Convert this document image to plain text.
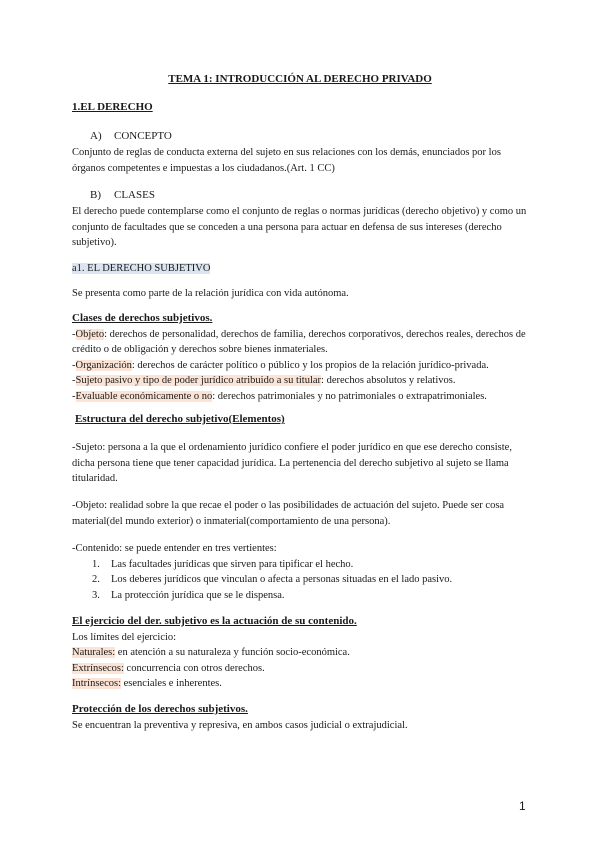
TEMA 1: INTRODUCCIÓN AL DERECHO PRIVADO
1.EL DERECHO
A) CONCEPTO

Conjunto de reglas de conducta externa del sujeto en sus relaciones con los demás, enunciados por los órganos competentes e impuestas a los ciudadanos.(Art. 1 CC)

B) CLASES

El derecho puede contemplarse como el conjunto de reglas o normas jurídicas (derecho objetivo) y como un conjunto de facultades que se conceden a una persona para actuar en defensa de sus intereses (derecho subjetivo).

a1. EL DERECHO SUBJETIVO

Se presenta como parte de la relación jurídica con vida autónoma.

Clases de derechos subjetivos.

-Objeto: derechos de personalidad, derechos de familia, derechos corporativos, derechos reales, derechos de crédito o de obligación y derechos sobre bienes inmateriales.

-Organización: derechos de carácter político o público y los propios de la relación jurídico-privada.

-Sujeto pasivo y tipo de poder jurídico atribuido a su titular: derechos absolutos y relativos.

-Evaluable económicamente o no: derechos patrimoniales y no patrimoniales o extrapatrimoniales.

Estructura del derecho subjetivo(Elementos)

-Sujeto: persona a la que el ordenamiento jurídico confiere el poder jurídico en que ese derecho consiste, dicha persona tiene que tener capacidad jurídica. La pertenencia del derecho subjetivo al sujeto se llama titularidad.

-Objeto: realidad sobre la que recae el poder o las posibilidades de actuación del sujeto. Puede ser cosa material(del mundo exterior) o inmaterial(comportamiento de una persona).

-Contenido: se puede entender en tres vertientes:

1.	Las facultades jurídicas que sirven para tipificar el hecho.
2.	Los deberes jurídicos que vinculan o afecta a personas situadas en el lado pasivo.
3.	La protección jurídica que se le dispensa.

El ejercicio del der. subjetivo es la actuación de su contenido.

Los límites del ejercicio:

Naturales: en atención a su naturaleza y función socio-económica.

Extrínsecos: concurrencia con otros derechos.

Intrínsecos: esenciales e inherentes.

Protección de los derechos subjetivos.

Se encuentran la preventiva y represiva, en ambos casos judicial o extrajudicial.

1
